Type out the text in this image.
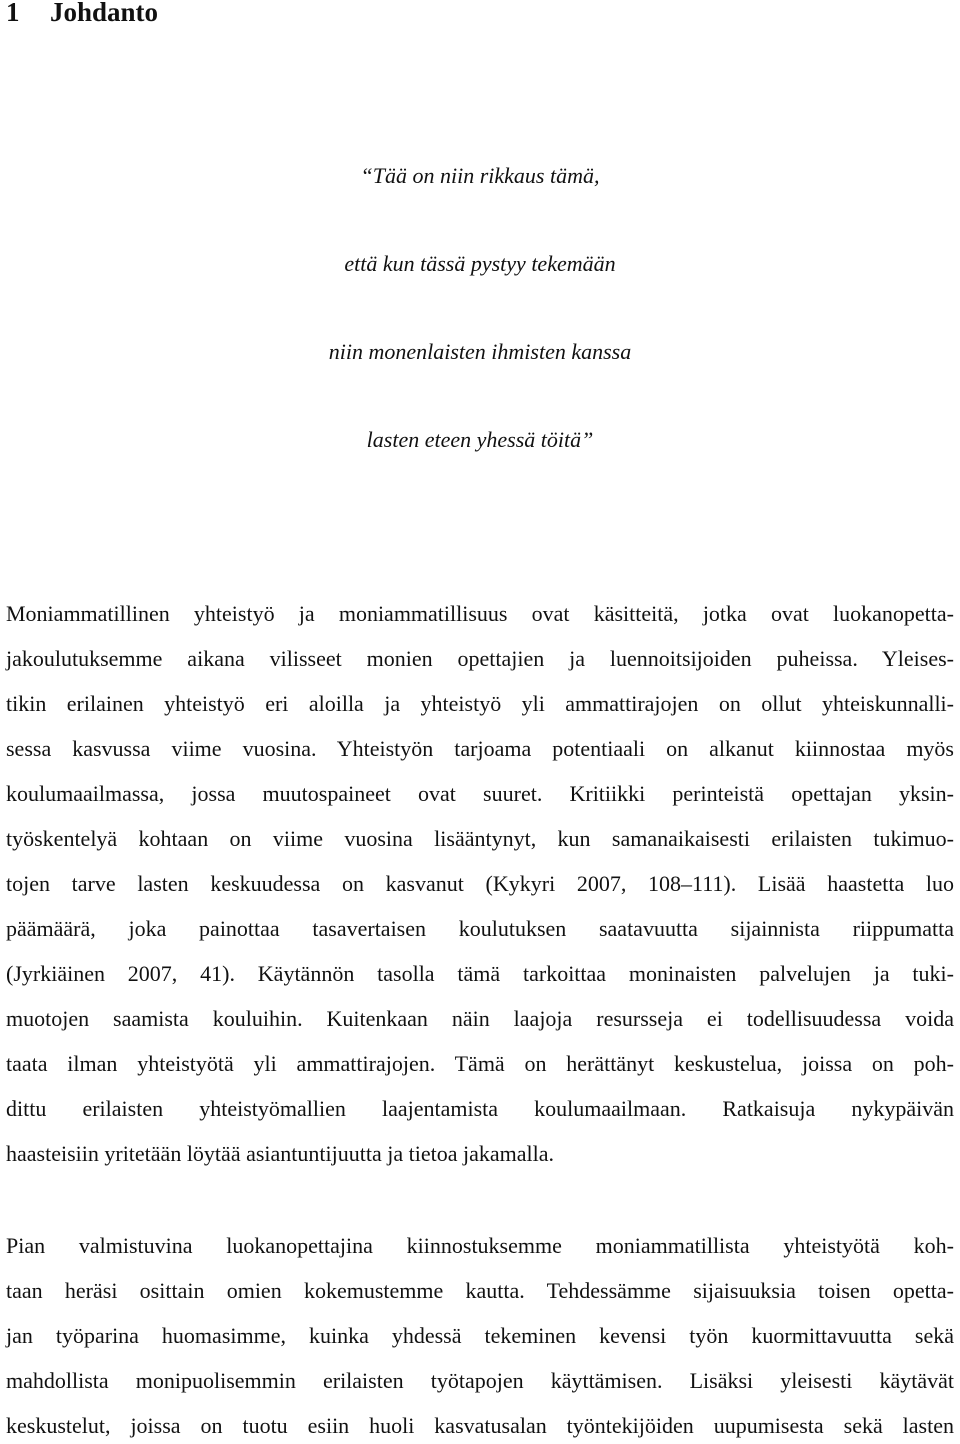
1 Johdanto
“Tää on niin rikkaus tämä,
että kun tässä pystyy tekemään
niin monenlaisten ihmisten kanssa
lasten eteen yhessä töitä”
Moniammatillinen yhteistyö ja moniammatillisuus ovat käsitteitä, jotka ovat luokanopetta-
jakoulutuksemme aikana vilisseet monien opettajien ja luennoitsijoiden puheissa. Yleises-
tikin erilainen yhteistyö eri aloilla ja yhteistyö yli ammattirajojen on ollut yhteiskunnalli-
sessa kasvussa viime vuosina. Yhteistyön tarjoama potentiaali on alkanut kiinnostaa myös
koulumaailmassa, jossa muutospaineet ovat suuret. Kritiikki perinteistä opettajan yksin-
työskentelyä kohtaan on viime vuosina lisääntynyt, kun samanaikaisesti erilaisten tukimuo-
tojen tarve lasten keskuudessa on kasvanut (Kykyri 2007, 108–111). Lisää haastetta luo
päämäärä, joka painottaa tasavertaisen koulutuksen saatavuutta sijainnista riippumatta
(Jyrkiäinen 2007, 41). Käytännön tasolla tämä tarkoittaa moninaisten palvelujen ja tuki-
muotojen saamista kouluihin. Kuitenkaan näin laajoja resursseja ei todellisuudessa voida
taata ilman yhteistyötä yli ammattirajojen. Tämä on herättänyt keskustelua, joissa on poh-
dittu erilaisten yhteistyömallien laajentamista koulumaailmaan. Ratkaisuja nykypäivän
haasteisiin yritetään löytää asiantuntijuutta ja tietoa jakamalla.
Pian valmistuvina luokanopettajina kiinnostuksemme moniammatillista yhteistyötä koh-
taan heräsi osittain omien kokemustemme kautta. Tehdessämme sijaisuuksia toisen opetta-
jan työparina huomasimme, kuinka yhdessä tekeminen kevensi työn kuormittavuutta sekä
mahdollista monipuolisemmin erilaisten työtapojen käyttämisen. Lisäksi yleisesti käytävät
keskustelut, joissa on tuotu esiin huoli kasvatusalan työntekijöiden uupumisesta sekä lasten
